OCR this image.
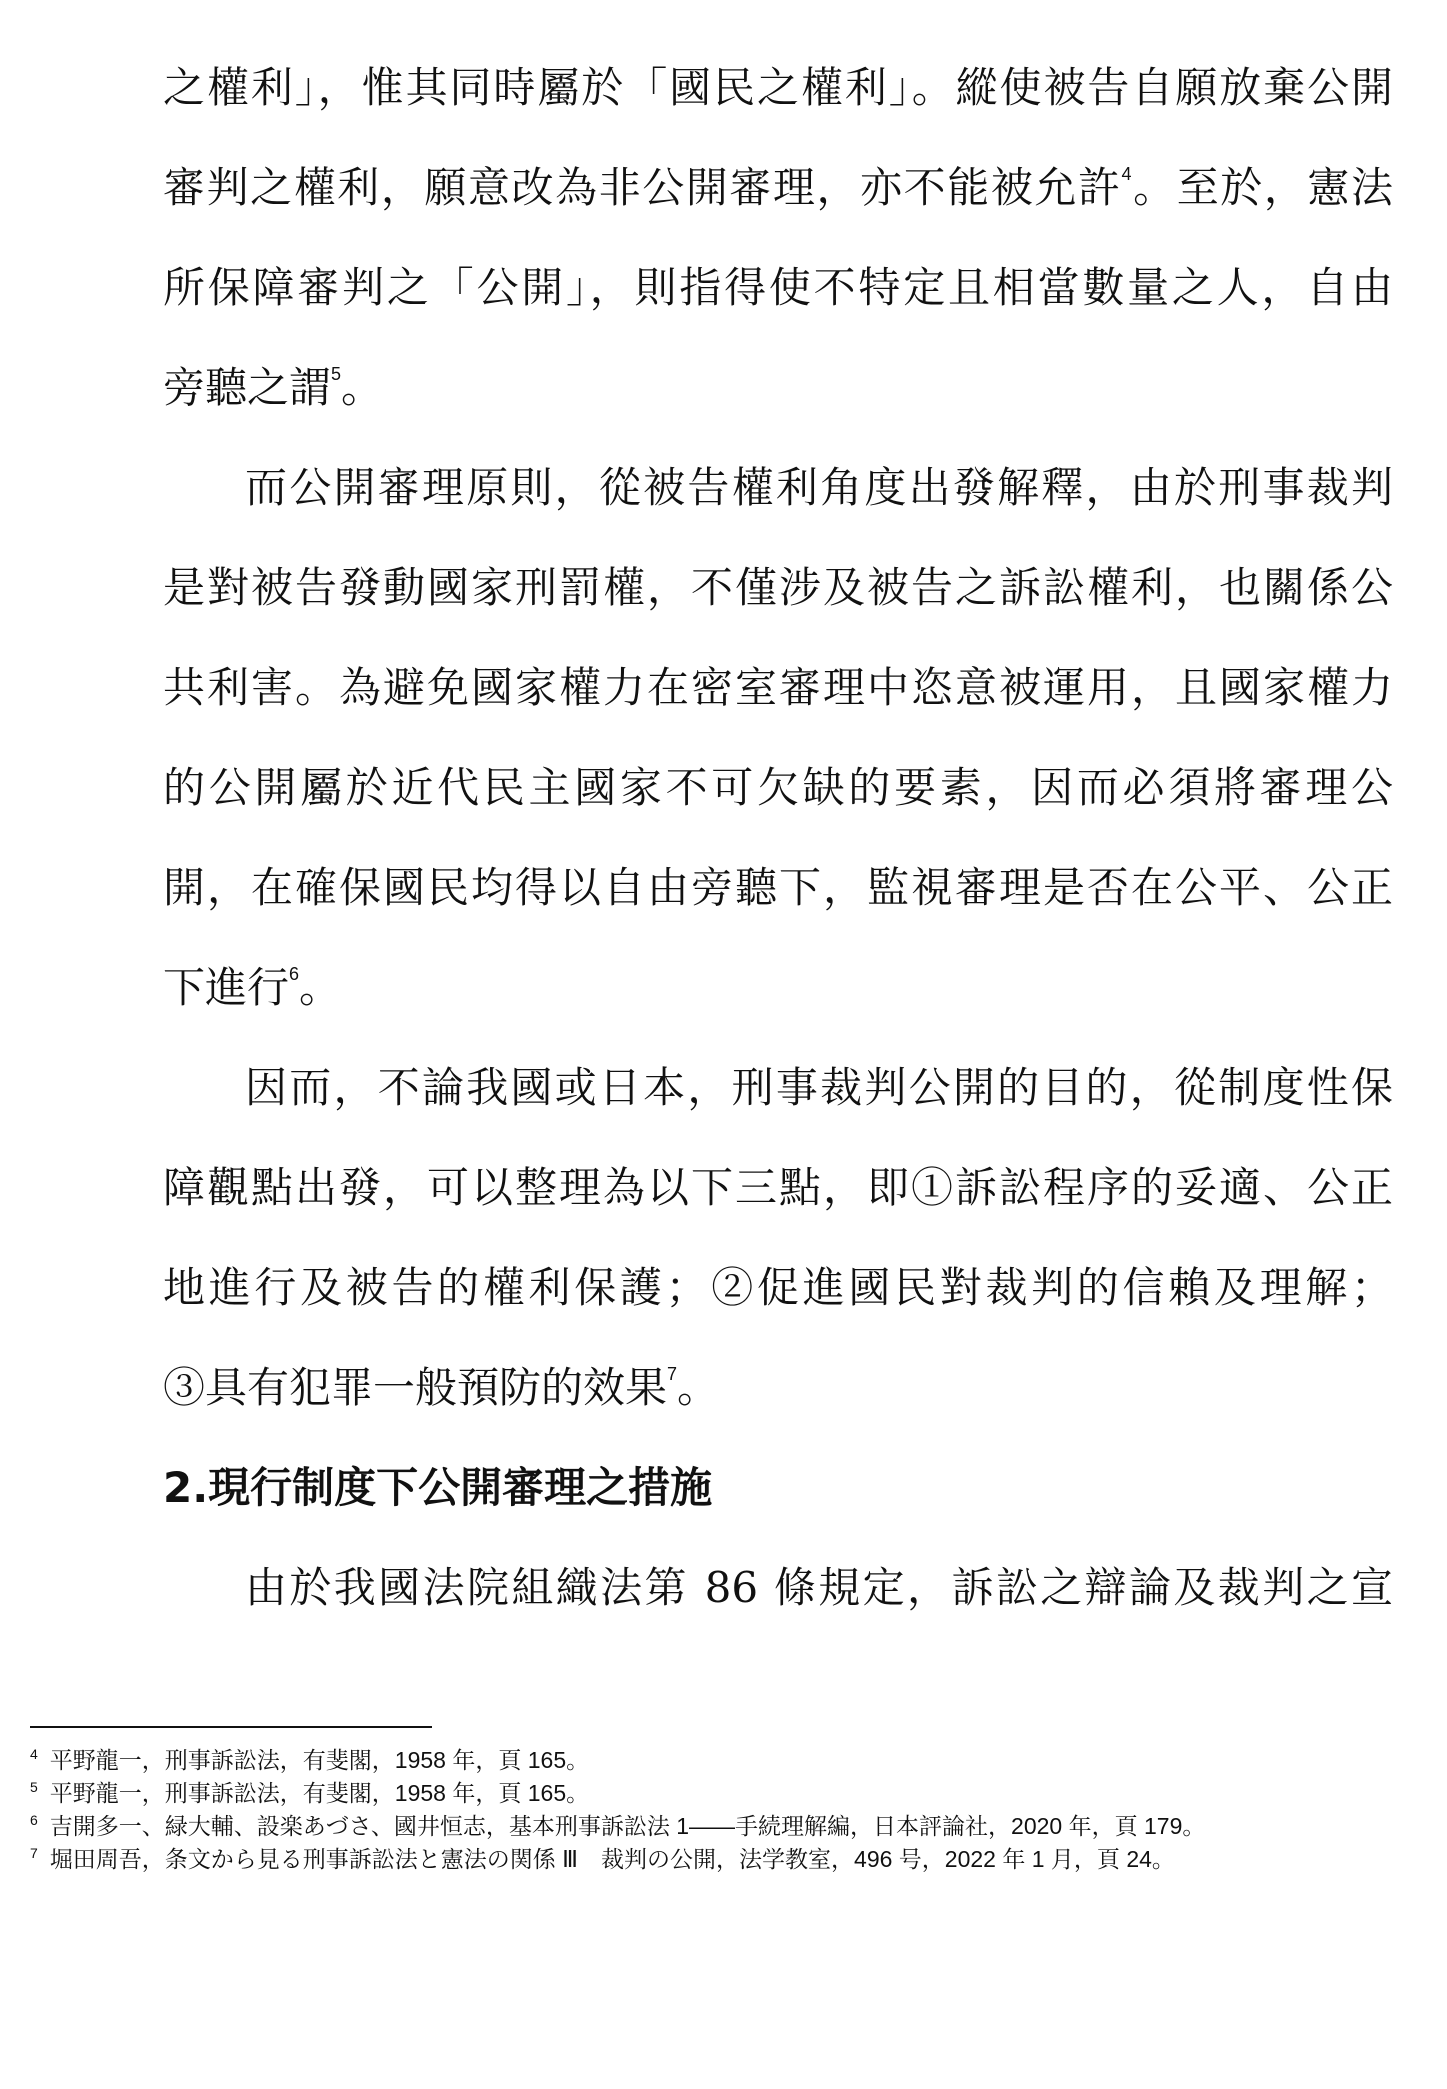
之權利」，惟其同時屬於「國民之權利」。縱使被告自願放棄公開
審判之權利，願意改為非公開審理，亦不能被允許$^4$。至於，憲法
所保障審判之「公開」，則指得使不特定且相當數量之人，自由
旁聽之謂$^5$。
而公開審理原則，從被告權利角度出發解釋，由於刑事裁判
是對被告發動國家刑罰權，不僅涉及被告之訴訟權利，也關係公
共利害。為避免國家權力在密室審理中恣意被運用，且國家權力
的公開屬於近代民主國家不可欠缺的要素，因而必須將審理公
開，在確保國民均得以自由旁聽下，監視審理是否在公平、公正
下進行$^6$。
因而，不論我國或日本，刑事裁判公開的目的，從制度性保
障觀點出發，可以整理為以下三點，即①訴訟程序的妥適、公正
地進行及被告的權利保護；②促進國民對裁判的信賴及理解；
③具有犯罪一般預防的效果$^7$。
2.現行制度下公開審理之措施
由於我國法院組織法第 86 條規定，訴訟之辯論及裁判之宣

$^4$ 平野龍一，刑事訴訟法，有斐閣，1958 年，頁 165。

$^5$ 平野龍一，刑事訴訟法，有斐閣，1958 年，頁 165。

$^6$ 吉開多一、緑大輔、設楽あづさ、國井恒志，基本刑事訴訟法 1——手続理解編，日本評論社，2020 年，頁 179。

$^7$ 堀田周吾，条文から見る刑事訴訟法と憲法の関係 Ⅲ　裁判の公開，法学教室，496 号，2022 年 1 月，頁 24。
